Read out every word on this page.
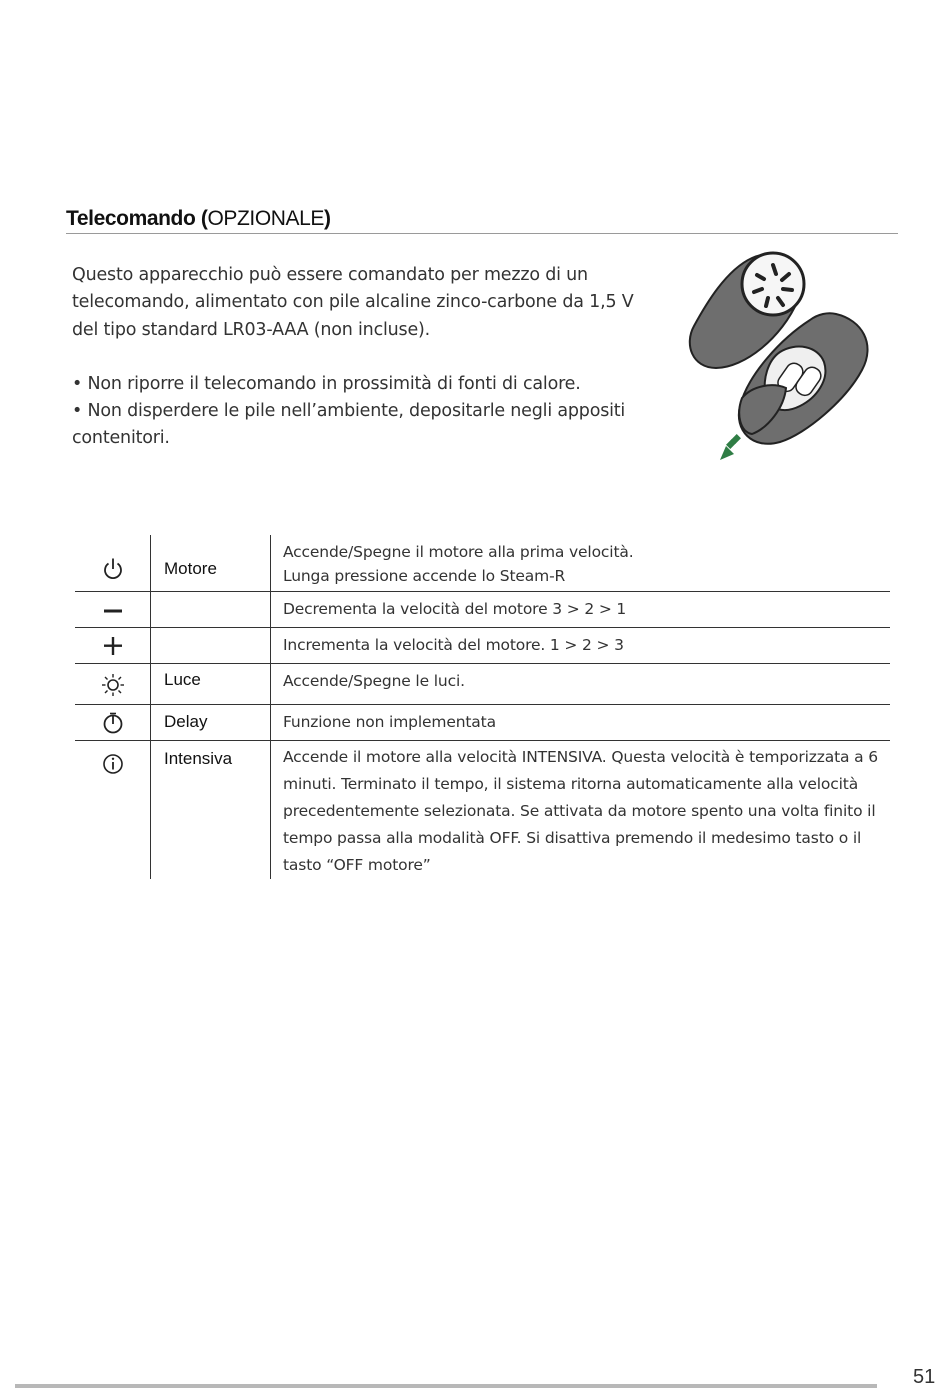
Telecomando (OPZIONALE)

Questo apparecchio può essere comandato per mezzo di un telecomando, alimentato con pile alcaline zinco-carbone da 1,5 V del tipo standard LR03-AAA (non incluse).

• Non riporre il telecomando in prossimità di fonti di calore.

• Non disperdere le pile nell’ambiente, depositarle negli appositi contenitori.

	Motore	Accende/Spegne il motore alla prima velocità.
Lunga pressione accende lo Steam-R

		Decrementa la velocità del motore 3 > 2 > 1

		Incrementa la velocità del motore. 1 > 2 > 3

	Luce	Accende/Spegne le luci.

	Delay	Funzione non implementata

	Intensiva	Accende il motore alla velocità INTENSIVA. Questa velocità è temporizzata a 6 minuti. Terminato il tempo, il sistema ritorna automaticamente alla velocità precedentemente selezionata. Se attivata da motore spento una volta finito il tempo passa alla modalità OFF. Si disattiva premendo il medesimo tasto o il tasto “OFF motore”
51
